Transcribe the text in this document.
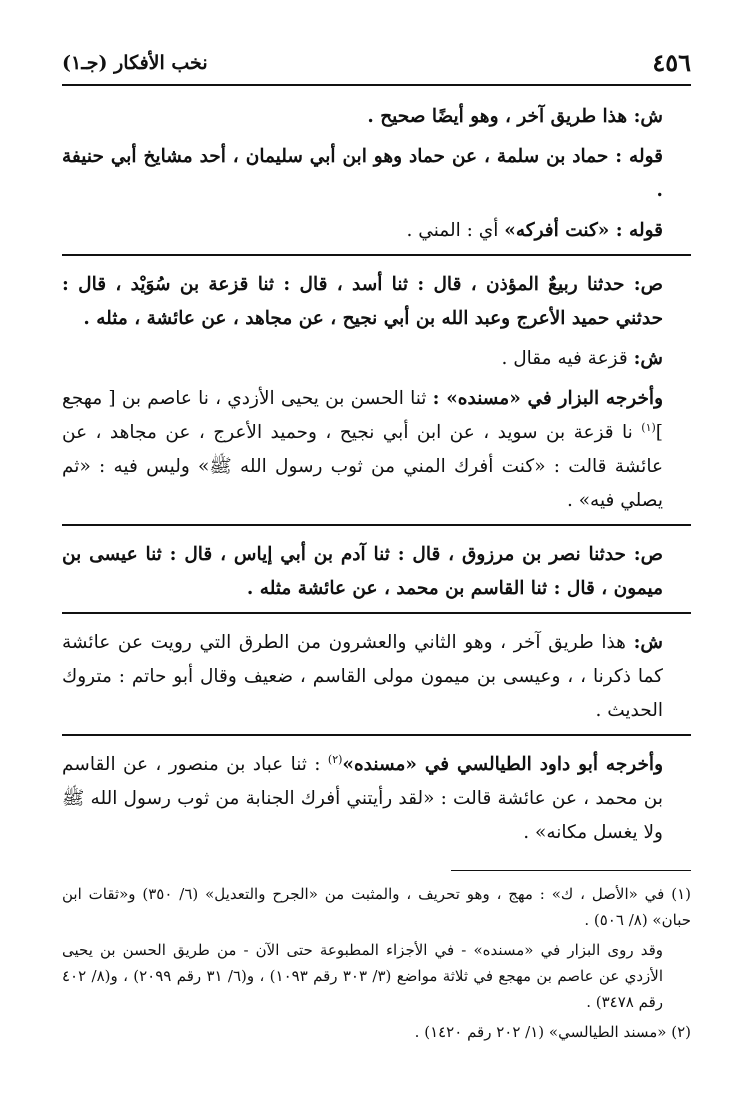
٤٥٦
نخب الأفكار (جـ١)

ش: هذا طريق آخر ، وهو أيضًا صحيح .

قوله : حماد بن سلمة ، عن حماد وهو ابن أبي سليمان ، أحد مشايخ أبي حنيفة .

قوله : «كنت أفركه» أي : المني .

ص: حدثنا ربيعٌ المؤذن ، قال : ثنا أسد ، قال : ثنا قزعة بن سُوَيْد ، قال : حدثني حميد الأعرج وعبد الله بن أبي نجيح ، عن مجاهد ، عن عائشة ، مثله .

ش: قزعة فيه مقال .

وأخرجه البزار في «مسنده» : ثنا الحسن بن يحيى الأزدي ، نا عاصم بن [ مهجع ]$^{(١)}$ نا قزعة بن سويد ، عن ابن أبي نجيح ، وحميد الأعرج ، عن مجاهد ، عن عائشة قالت : «كنت أفرك المني من ثوب رسول الله ﷺ» وليس فيه : «ثم يصلي فيه» .

ص: حدثنا نصر بن مرزوق ، قال : ثنا آدم بن أبي إياس ، قال : ثنا عيسى بن ميمون ، قال : ثنا القاسم بن محمد ، عن عائشة مثله .

ش: هذا طريق آخر ، وهو الثاني والعشرون من الطرق التي رويت عن عائشة كما ذكرنا ، ، وعيسى بن ميمون مولى القاسم ، ضعيف وقال أبو حاتم : متروك الحديث .

وأخرجه أبو داود الطيالسي في «مسنده»$^{(٢)}$ : ثنا عباد بن منصور ، عن القاسم بن محمد ، عن عائشة قالت : «لقد رأيتني أفرك الجنابة من ثوب رسول الله ﷺ ولا يغسل مكانه» .

(١) في «الأصل ، ك» : مهج ، وهو تحريف ، والمثبت من «الجرح والتعديل» (٦/ ٣٥٠) و«ثقات ابن حبان» (٨/ ٥٠٦) .

وقد روى البزار في «مسنده» - في الأجزاء المطبوعة حتى الآن - من طريق الحسن بن يحيى الأزدي عن عاصم بن مهجع في ثلاثة مواضع (٣/ ٣٠٣ رقم ١٠٩٣) ، و(٦/ ٣١ رقم ٢٠٩٩) ، و(٨/ ٤٠٢ رقم ٣٤٧٨) .

(٢) «مسند الطيالسي» (١/ ٢٠٢ رقم ١٤٢٠) .
